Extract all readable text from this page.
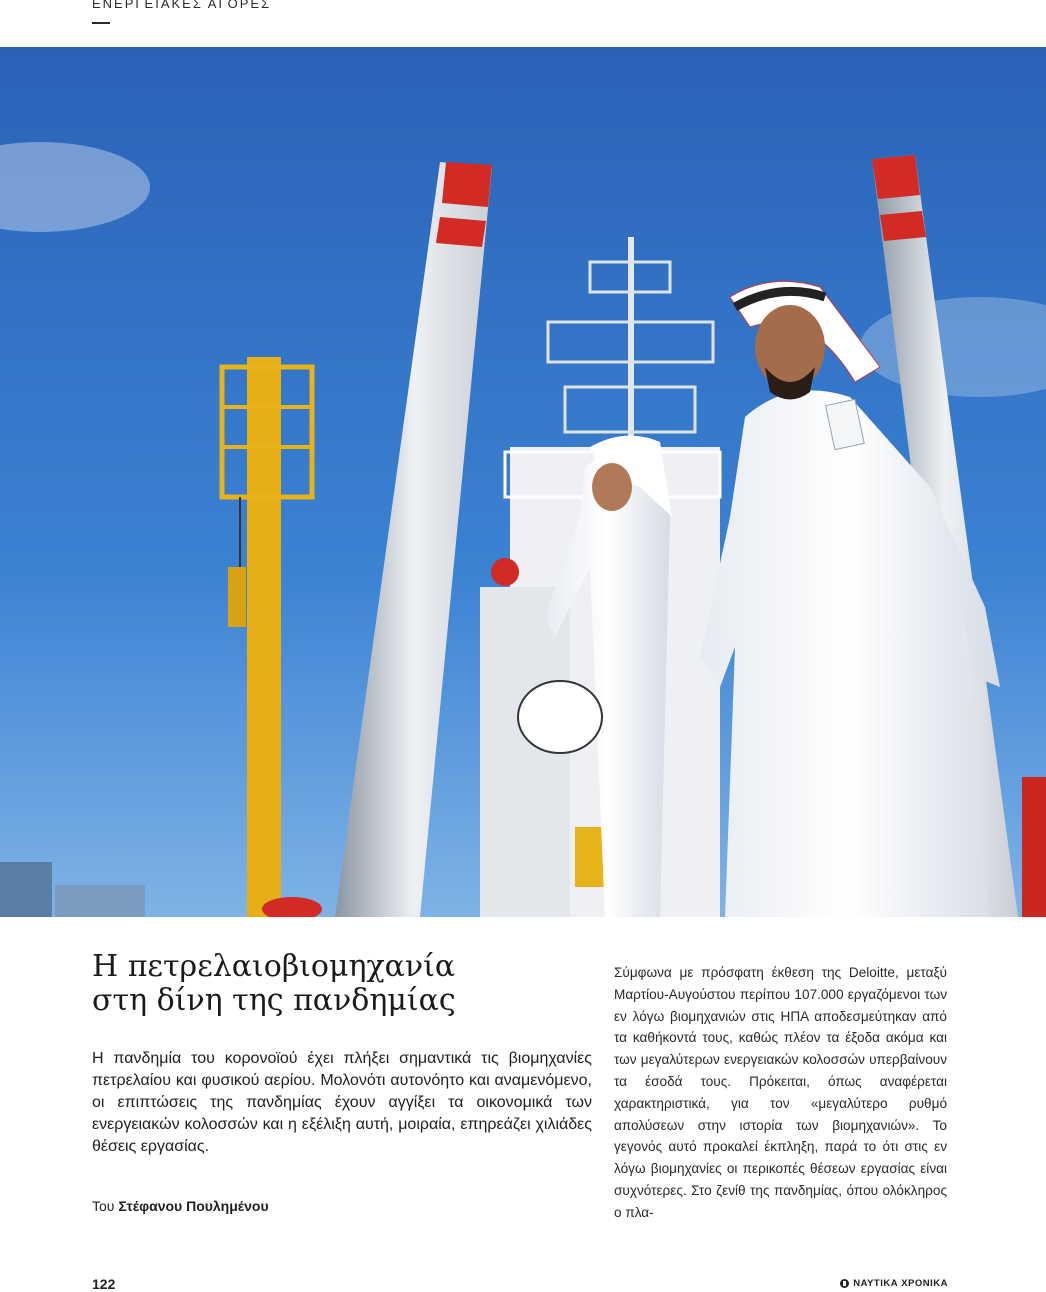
ΕΝΕΡΓΕΙΑΚΕΣ ΑΓΟΡΕΣ
Η πετρελαιοβιομηχανία
στη δίνη της πανδημίας

Η πανδημία του κορονοϊού έχει πλήξει σημαντικά τις βιομηχανίες πετρελαίου και φυσικού αερίου. Μολονότι αυτονόητο και αναμενόμενο, οι επιπτώσεις της πανδημίας έχουν αγγίξει τα οικονομικά των ενεργειακών κολοσσών και η εξέλιξη αυτή, μοιραία, επηρεάζει χιλιάδες θέσεις εργασίας.

Του Στέφανου Πουλημένου

Σύμφωνα με πρόσφατη έκθεση της Deloitte, μεταξύ Μαρτίου-Αυγούστου περίπου 107.000 εργαζόμενοι των εν λόγω βιομηχανιών στις ΗΠΑ αποδεσμεύτηκαν από τα καθήκοντά τους, καθώς πλέον τα έξοδα ακόμα και των μεγαλύτερων ενεργειακών κολοσσών υπερβαίνουν τα έσοδά τους. Πρόκειται, όπως αναφέρεται χαρακτηριστικά, για τον «μεγαλύτερο ρυθμό απολύσεων στην ιστορία των βιομηχανιών». Το γεγονός αυτό προκαλεί έκπληξη, παρά το ότι στις εν λόγω βιομηχανίες οι περικοπές θέσεων εργασίας είναι συχνότερες. Στο ζενίθ της πανδημίας, όπου ολόκληρος ο πλα-

122	ΝΑΥΤΙΚΑ ΧΡΟΝΙΚΑ
